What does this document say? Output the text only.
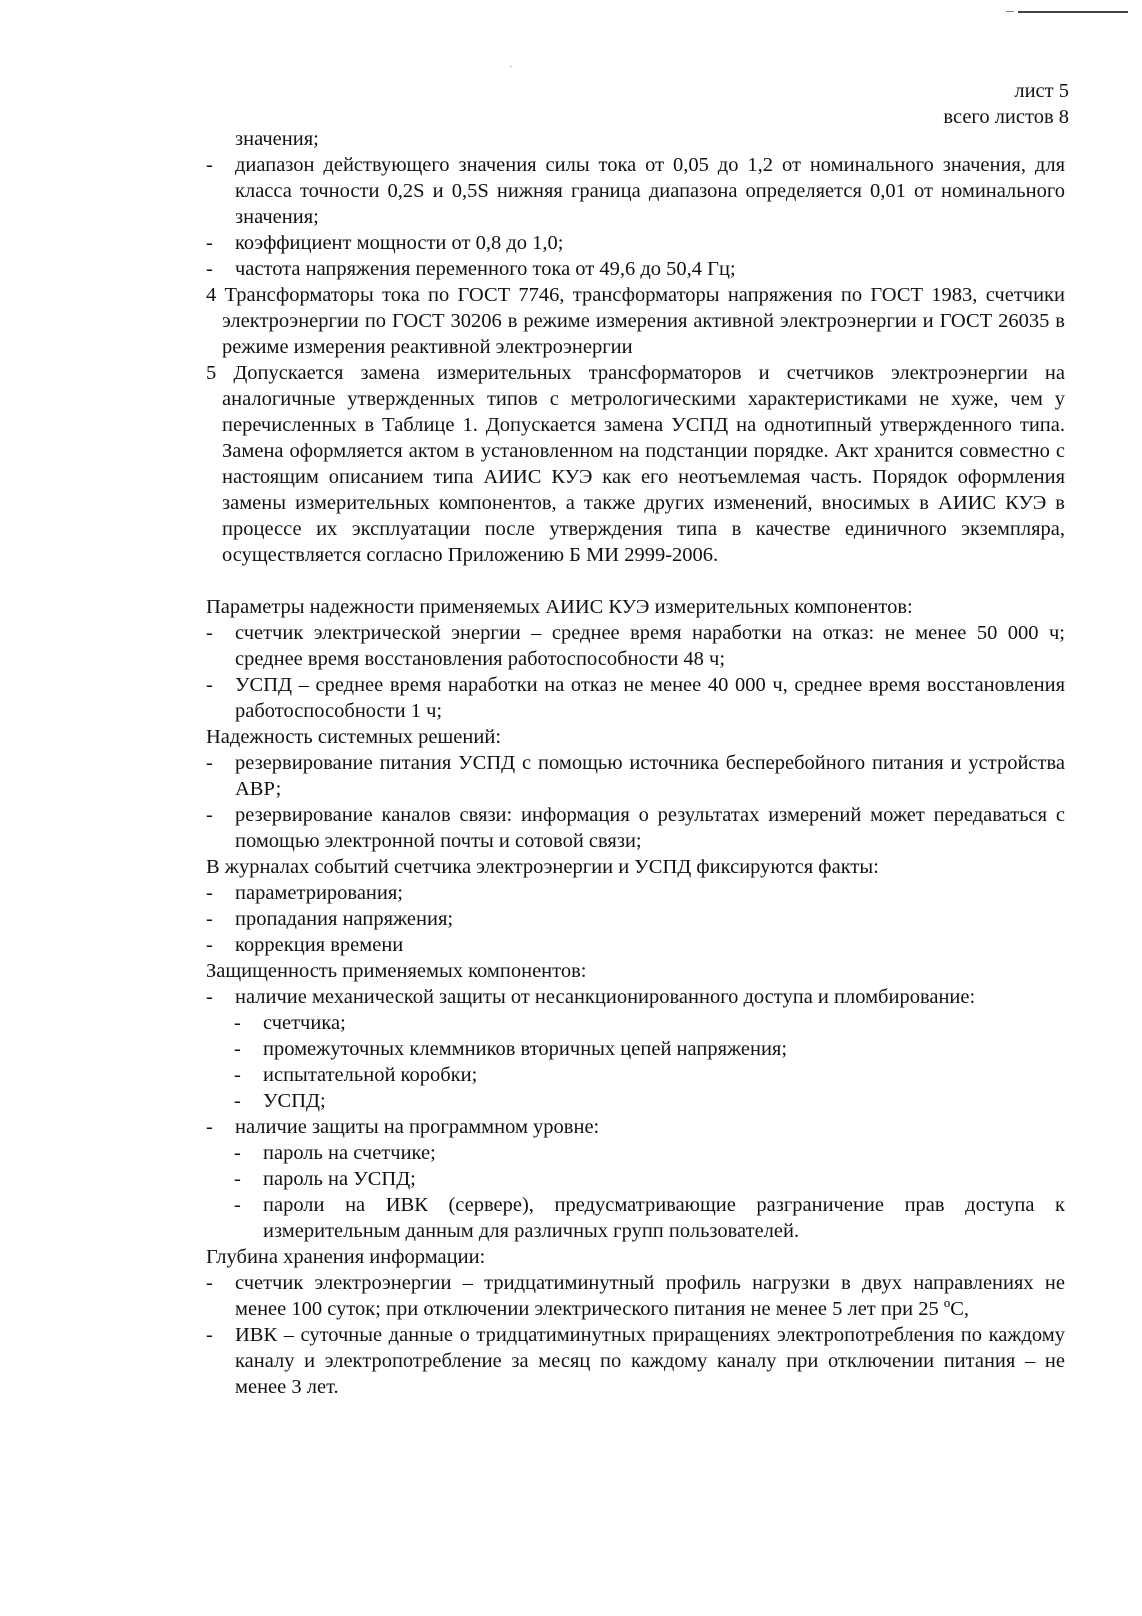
лист 5
всего листов 8

значения;

- диапазон действующего значения силы тока от 0,05 до 1,2 от номинального значения, для класса точности 0,2S и 0,5S нижняя граница диапазона определяется 0,01 от номинального значения;

- коэффициент мощности от 0,8 до 1,0;

- частота напряжения переменного тока от 49,6 до 50,4 Гц;

4 Трансформаторы тока по ГОСТ 7746, трансформаторы напряжения по ГОСТ 1983, счетчики электроэнергии по ГОСТ 30206 в режиме измерения активной электроэнергии и ГОСТ 26035 в режиме измерения реактивной электроэнергии

5 Допускается замена измерительных трансформаторов и счетчиков электроэнергии на аналогичные утвержденных типов с метрологическими характеристиками не хуже, чем у перечисленных в Таблице 1. Допускается замена УСПД на однотипный утвержденного типа. Замена оформляется актом в установленном на подстанции порядке. Акт хранится совместно с настоящим описанием типа АИИС КУЭ как его неотъемлемая часть. Порядок оформления замены измерительных компонентов, а также других изменений, вносимых в АИИС КУЭ в процессе их эксплуатации после утверждения типа в качестве единичного экземпляра, осуществляется согласно Приложению Б МИ 2999-2006.

Параметры надежности применяемых АИИС КУЭ измерительных компонентов:

- счетчик электрической энергии – среднее время наработки на отказ: не менее 50 000 ч; среднее время восстановления работоспособности 48 ч;

- УСПД – среднее время наработки на отказ не менее 40 000 ч, среднее время восстановления работоспособности 1 ч;

Надежность системных решений:

- резервирование питания УСПД с помощью источника бесперебойного питания и устройства АВР;

- резервирование каналов связи: информация о результатах измерений может передаваться с помощью электронной почты и сотовой связи;

В журналах событий счетчика электроэнергии и УСПД фиксируются факты:

- параметрирования;

- пропадания напряжения;

- коррекция времени

Защищенность применяемых компонентов:

- наличие механической защиты от несанкционированного доступа и пломбирование:

- счетчика;

- промежуточных клеммников вторичных цепей напряжения;

- испытательной коробки;

- УСПД;

- наличие защиты на программном уровне:

- пароль на счетчике;

- пароль на УСПД;

- пароли на ИВК (сервере), предусматривающие разграничение прав доступа к измерительным данным для различных групп пользователей.

Глубина хранения информации:

- счетчик электроэнергии – тридцатиминутный профиль нагрузки в двух направлениях не менее 100 суток; при отключении электрического питания не менее 5 лет при 25 ºС,

- ИВК – суточные данные о тридцатиминутных приращениях электропотребления по каждому каналу и электропотребление за месяц по каждому каналу при отключении питания – не менее 3 лет.
